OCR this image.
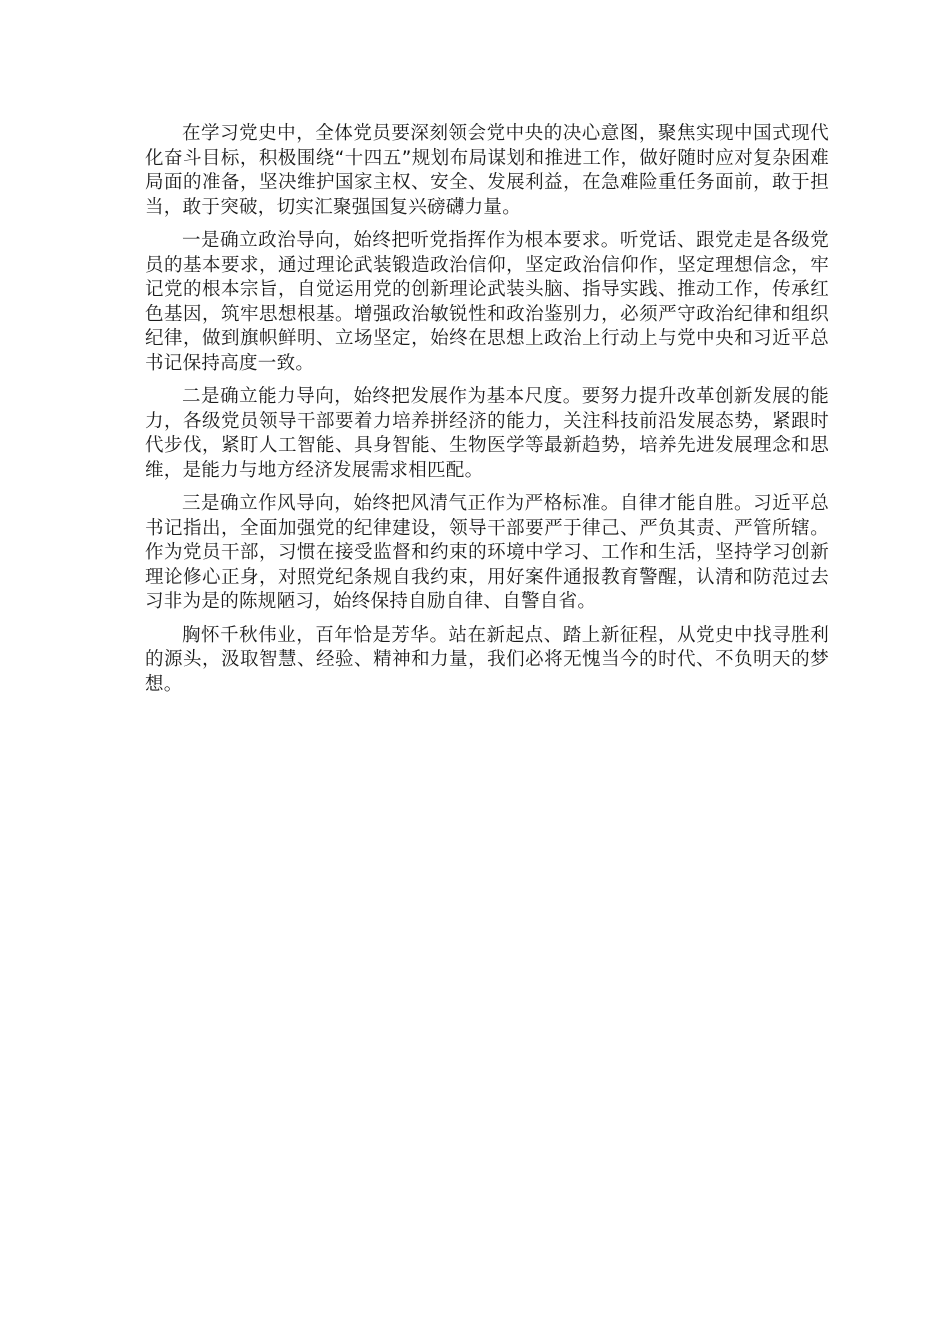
在学习党史中，全体党员要深刻领会党中央的决心意图，聚焦实现中国式现代化奋斗目标，积极围绕“十四五”规划布局谋划和推进工作，做好随时应对复杂困难局面的准备，坚决维护国家主权、安全、发展利益，在急难险重任务面前，敢于担当，敢于突破，切实汇聚强国复兴磅礴力量。

一是确立政治导向，始终把听党指挥作为根本要求。听党话、跟党走是各级党员的基本要求，通过理论武装锻造政治信仰，坚定政治信仰作，坚定理想信念，牢记党的根本宗旨，自觉运用党的创新理论武装头脑、指导实践、推动工作，传承红色基因，筑牢思想根基。增强政治敏锐性和政治鉴别力，必须严守政治纪律和组织纪律，做到旗帜鲜明、立场坚定，始终在思想上政治上行动上与党中央和习近平总书记保持高度一致。

二是确立能力导向，始终把发展作为基本尺度。要努力提升改革创新发展的能力，各级党员领导干部要着力培养拼经济的能力，关注科技前沿发展态势，紧跟时代步伐，紧盯人工智能、具身智能、生物医学等最新趋势，培养先进发展理念和思维，是能力与地方经济发展需求相匹配。

三是确立作风导向，始终把风清气正作为严格标准。自律才能自胜。习近平总书记指出，全面加强党的纪律建设，领导干部要严于律己、严负其责、严管所辖。作为党员干部，习惯在接受监督和约束的环境中学习、工作和生活，坚持学习创新理论修心正身，对照党纪条规自我约束，用好案件通报教育警醒，认清和防范过去习非为是的陈规陋习，始终保持自励自律、自警自省。

胸怀千秋伟业，百年恰是芳华。站在新起点、踏上新征程，从党史中找寻胜利的源头，汲取智慧、经验、精神和力量，我们必将无愧当今的时代、不负明天的梦想。
